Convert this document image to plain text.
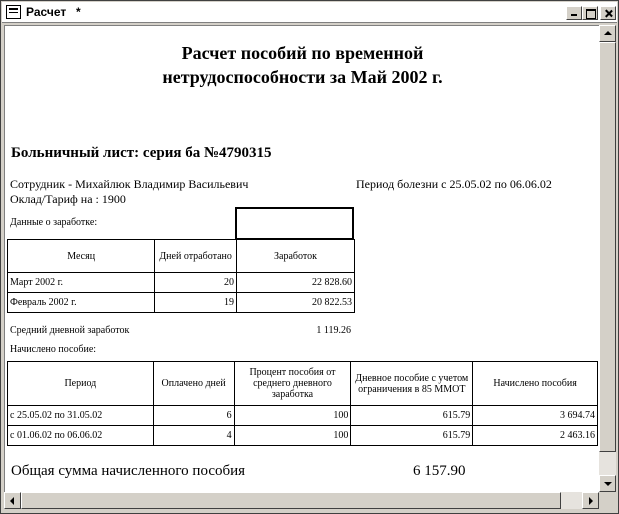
Расчет *
Расчет пособий по временной
нетрудоспособности за Май 2002 г.
Больничный лист: серия ба №4790315
Сотрудник - Михайлюк Владимир Васильевич	Период болезни с 25.05.02 по 06.06.02
Оклад/Тариф на : 1900
Данные о заработке:
Месяц	Дней отработано	Заработок
Март 2002 г.	20	22 828.60
Февраль 2002 г.	19	20 822.53
Средний дневной заработок	1 119.26
Начислено пособие:
Период	Оплачено дней	Процент пособия от среднего дневного заработка	Дневное пособие с учетом ограничения в 85 ММОТ	Начислено пособия
с 25.05.02 по 31.05.02	6	100	615.79	3 694.74
с 01.06.02 по 06.06.02	4	100	615.79	2 463.16
Общая сумма начисленного пособия	6 157.90
